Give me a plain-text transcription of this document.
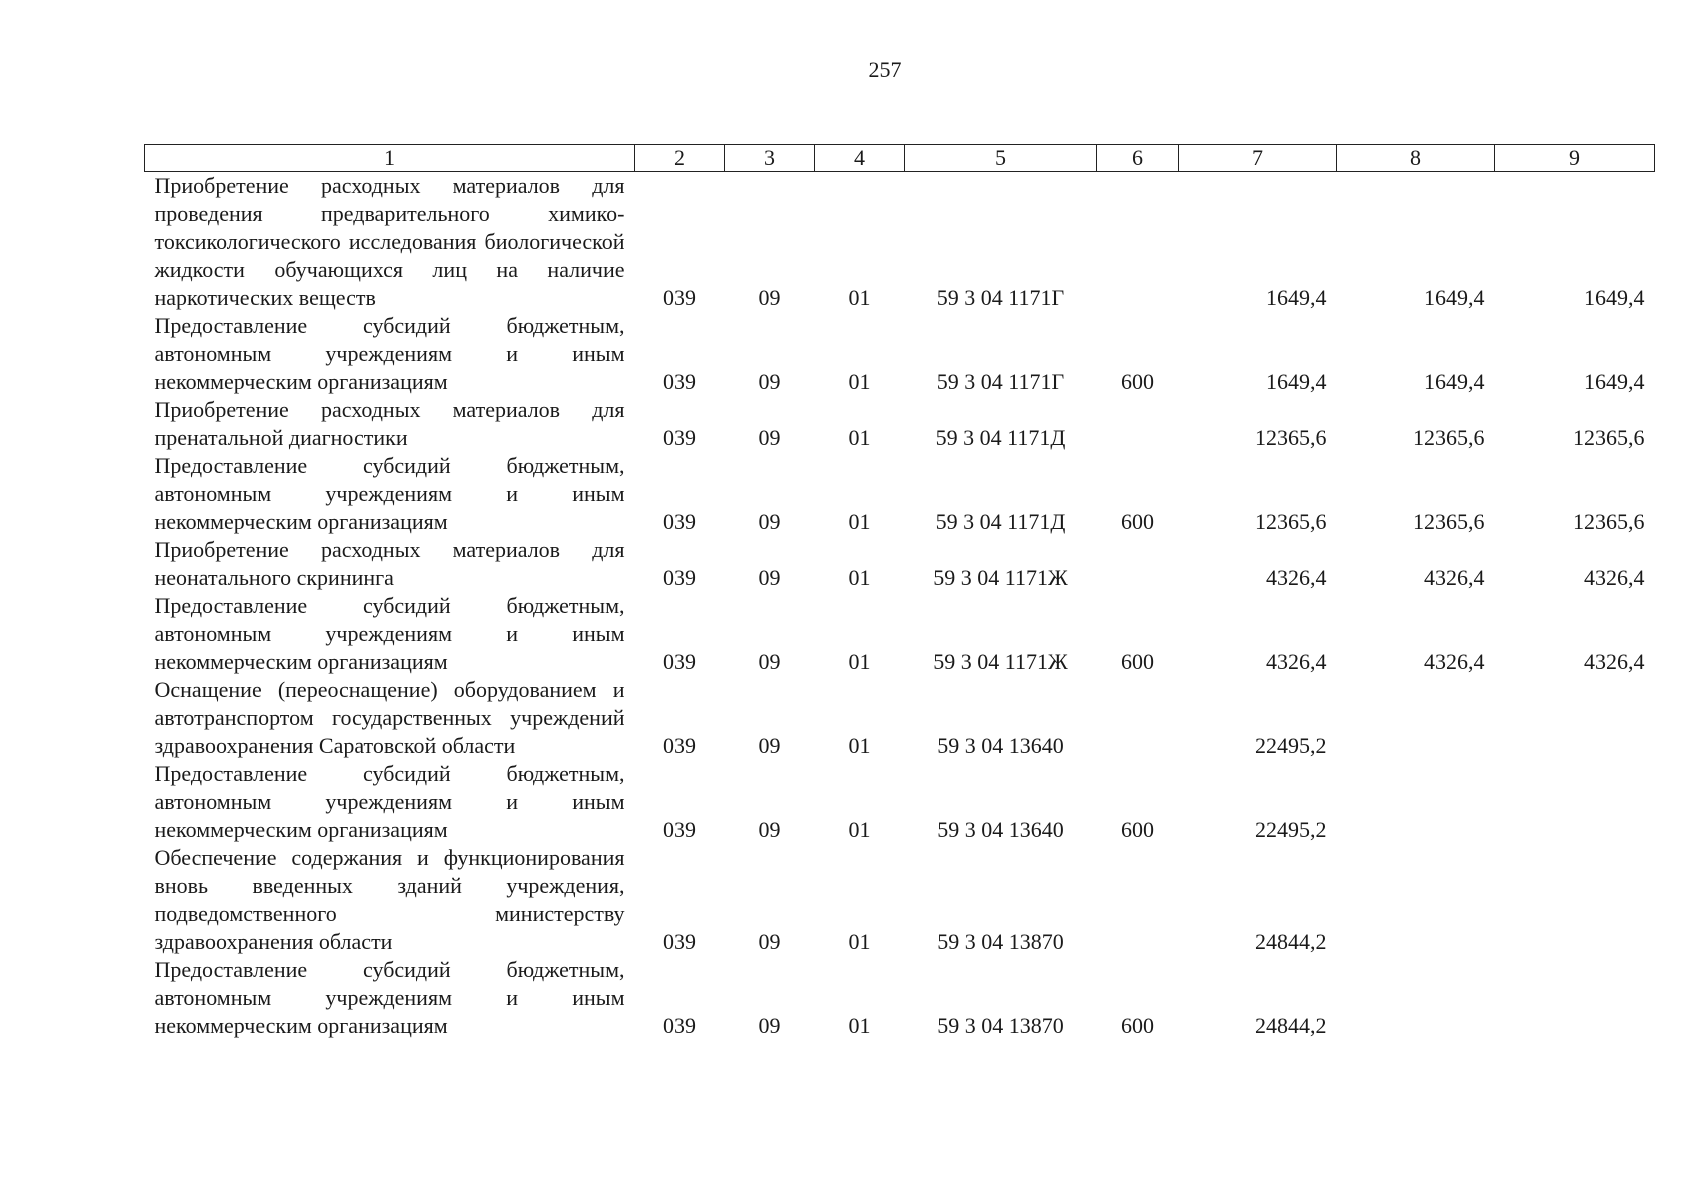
257
1	2	3	4	5	6	7	8	9
Приобретение расходных материалов для проведения предварительного химико-токсикологического исследования биологической жидкости обучающихся лиц на наличие наркотических веществ	039	09	01	59 3 04 1171Г		1649,4	1649,4	1649,4
Предоставление субсидий бюджетным, автономным учреждениям и иным некоммерческим организациям	039	09	01	59 3 04 1171Г	600	1649,4	1649,4	1649,4
Приобретение расходных материалов для пренатальной диагностики	039	09	01	59 3 04 1171Д		12365,6	12365,6	12365,6
Предоставление субсидий бюджетным, автономным учреждениям и иным некоммерческим организациям	039	09	01	59 3 04 1171Д	600	12365,6	12365,6	12365,6
Приобретение расходных материалов для неонатального скрининга	039	09	01	59 3 04 1171Ж		4326,4	4326,4	4326,4
Предоставление субсидий бюджетным, автономным учреждениям и иным некоммерческим организациям	039	09	01	59 3 04 1171Ж	600	4326,4	4326,4	4326,4
Оснащение (переоснащение) оборудованием и автотранспортом государственных учреждений здравоохранения Саратовской области	039	09	01	59 3 04 13640		22495,2		
Предоставление субсидий бюджетным, автономным учреждениям и иным некоммерческим организациям	039	09	01	59 3 04 13640	600	22495,2		
Обеспечение содержания и функционирования вновь введенных зданий учреждения, подведомственного министерству здравоохранения области	039	09	01	59 3 04 13870		24844,2		
Предоставление субсидий бюджетным, автономным учреждениям и иным некоммерческим организациям	039	09	01	59 3 04 13870	600	24844,2		
